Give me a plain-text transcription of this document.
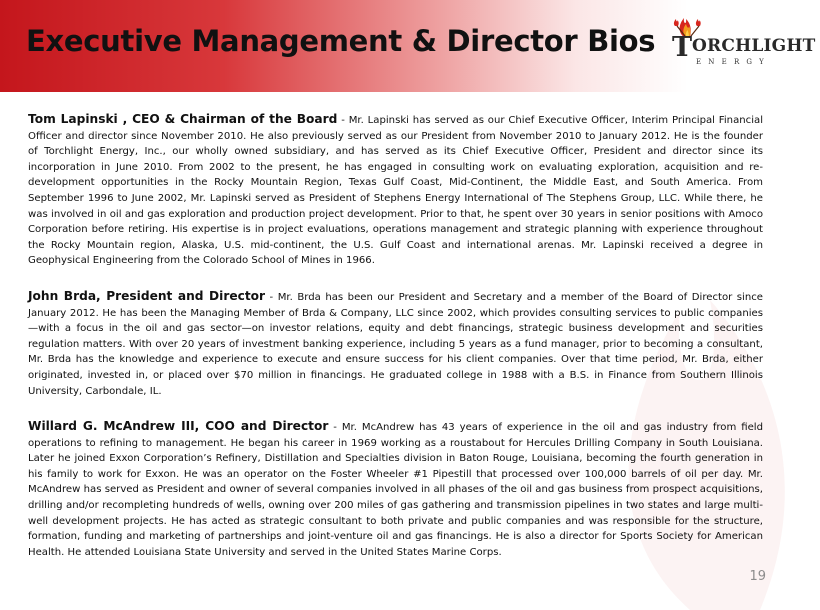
Executive Management & Director Bios T ORCHLIGHT
ENERGY

Tom Lapinski , CEO & Chairman of the Board - Mr. Lapinski has served as our Chief Executive Officer, Interim Principal Financial Officer and director since November 2010. He also previously served as our President from November 2010 to January 2012. He is the founder of Torchlight Energy, Inc., our wholly owned subsidiary, and has served as its Chief Executive Officer, President and director since its incorporation in June 2010. From 2002 to the present, he has engaged in consulting work on evaluating exploration, acquisition and re-development opportunities in the Rocky Mountain Region, Texas Gulf Coast, Mid-Continent, the Middle East, and South America. From September 1996 to June 2002, Mr. Lapinski served as President of Stephens Energy International of The Stephens Group, LLC. While there, he was involved in oil and gas exploration and production project development. Prior to that, he spent over 30 years in senior positions with Amoco Corporation before retiring. His expertise is in project evaluations, operations management and strategic planning with experience throughout the Rocky Mountain region, Alaska, U.S. mid-continent, the U.S. Gulf Coast and international arenas. Mr. Lapinski received a degree in Geophysical Engineering from the Colorado School of Mines in 1966.

John Brda, President and Director - Mr. Brda has been our President and Secretary and a member of the Board of Director since January 2012. He has been the Managing Member of Brda & Company, LLC since 2002, which provides consulting services to public companies—with a focus in the oil and gas sector—on investor relations, equity and debt financings, strategic business development and securities regulation matters. With over 20 years of investment banking experience, including 5 years as a fund manager, prior to becoming a consultant, Mr. Brda has the knowledge and experience to execute and ensure success for his client companies. Over that time period, Mr. Brda, either originated, invested in, or placed over $70 million in financings. He graduated college in 1988 with a B.S. in Finance from Southern Illinois University, Carbondale, IL.

Willard G. McAndrew III, COO and Director - Mr. McAndrew has 43 years of experience in the oil and gas industry from field operations to refining to management. He began his career in 1969 working as a roustabout for Hercules Drilling Company in South Louisiana. Later he joined Exxon Corporation’s Refinery, Distillation and Specialties division in Baton Rouge, Louisiana, becoming the fourth generation in his family to work for Exxon. He was an operator on the Foster Wheeler #1 Pipestill that processed over 100,000 barrels of oil per day. Mr. McAndrew has served as President and owner of several companies involved in all phases of the oil and gas business from prospect acquisitions, drilling and/or recompleting hundreds of wells, owning over 200 miles of gas gathering and transmission pipelines in two states and large multi-well development projects. He has acted as strategic consultant to both private and public companies and was responsible for the structure, formation, funding and marketing of partnerships and joint-venture oil and gas financings. He is also a director for Sports Society for American Health. He attended Louisiana State University and served in the United States Marine Corps.

19
